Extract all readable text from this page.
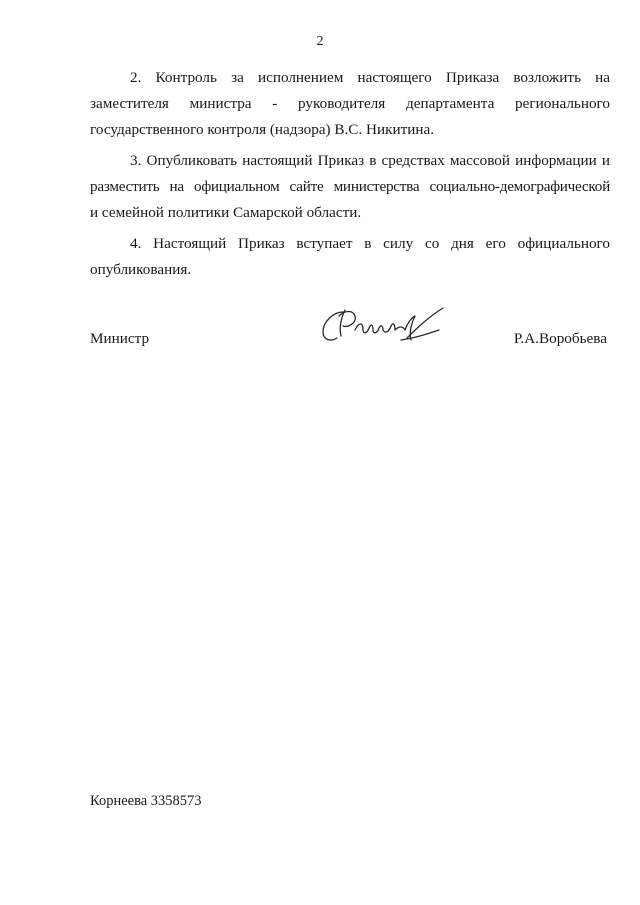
2

2. Контроль за исполнением настоящего Приказа возложить на
заместителя министра - руководителя департамента регионального
государственного контроля (надзора) В.С. Никитина.

3. Опубликовать настоящий Приказ в средствах массовой информации и
разместить на официальном сайте министерства социально-демографической
и семейной политики Самарской области.

4. Настоящий Приказ вступает в силу со дня его официального
опубликования.

Министр	Р.А.Воробьева
Корнеева 3358573
